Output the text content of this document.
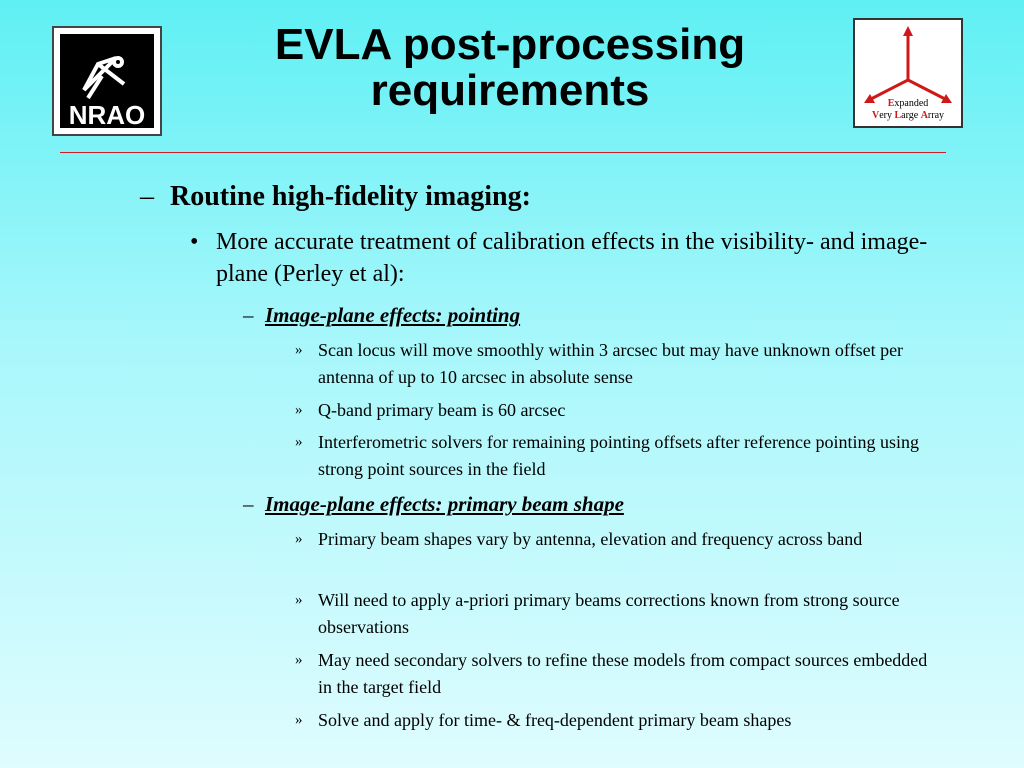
NRAO
EVLA post-processing
requirements	Expanded
Very Large Array
– Routine high-fidelity imaging:
• More accurate treatment of calibration effects in the visibility- and image-plane (Perley et al):
– Image-plane effects: pointing
» Scan locus will move smoothly within 3 arcsec but may have unknown offset per antenna of up to 10 arcsec in absolute sense
» Q-band primary beam is 60 arcsec
» Interferometric solvers for remaining pointing offsets after reference pointing using strong point sources in the field
– Image-plane effects: primary beam shape
» Primary beam shapes vary by antenna, elevation and frequency across band
» Will need to apply a-priori primary beams corrections known from strong source observations
» May need secondary solvers to refine these models from compact sources embedded in the target field
» Solve and apply for time- & freq-dependent primary beam shapes
